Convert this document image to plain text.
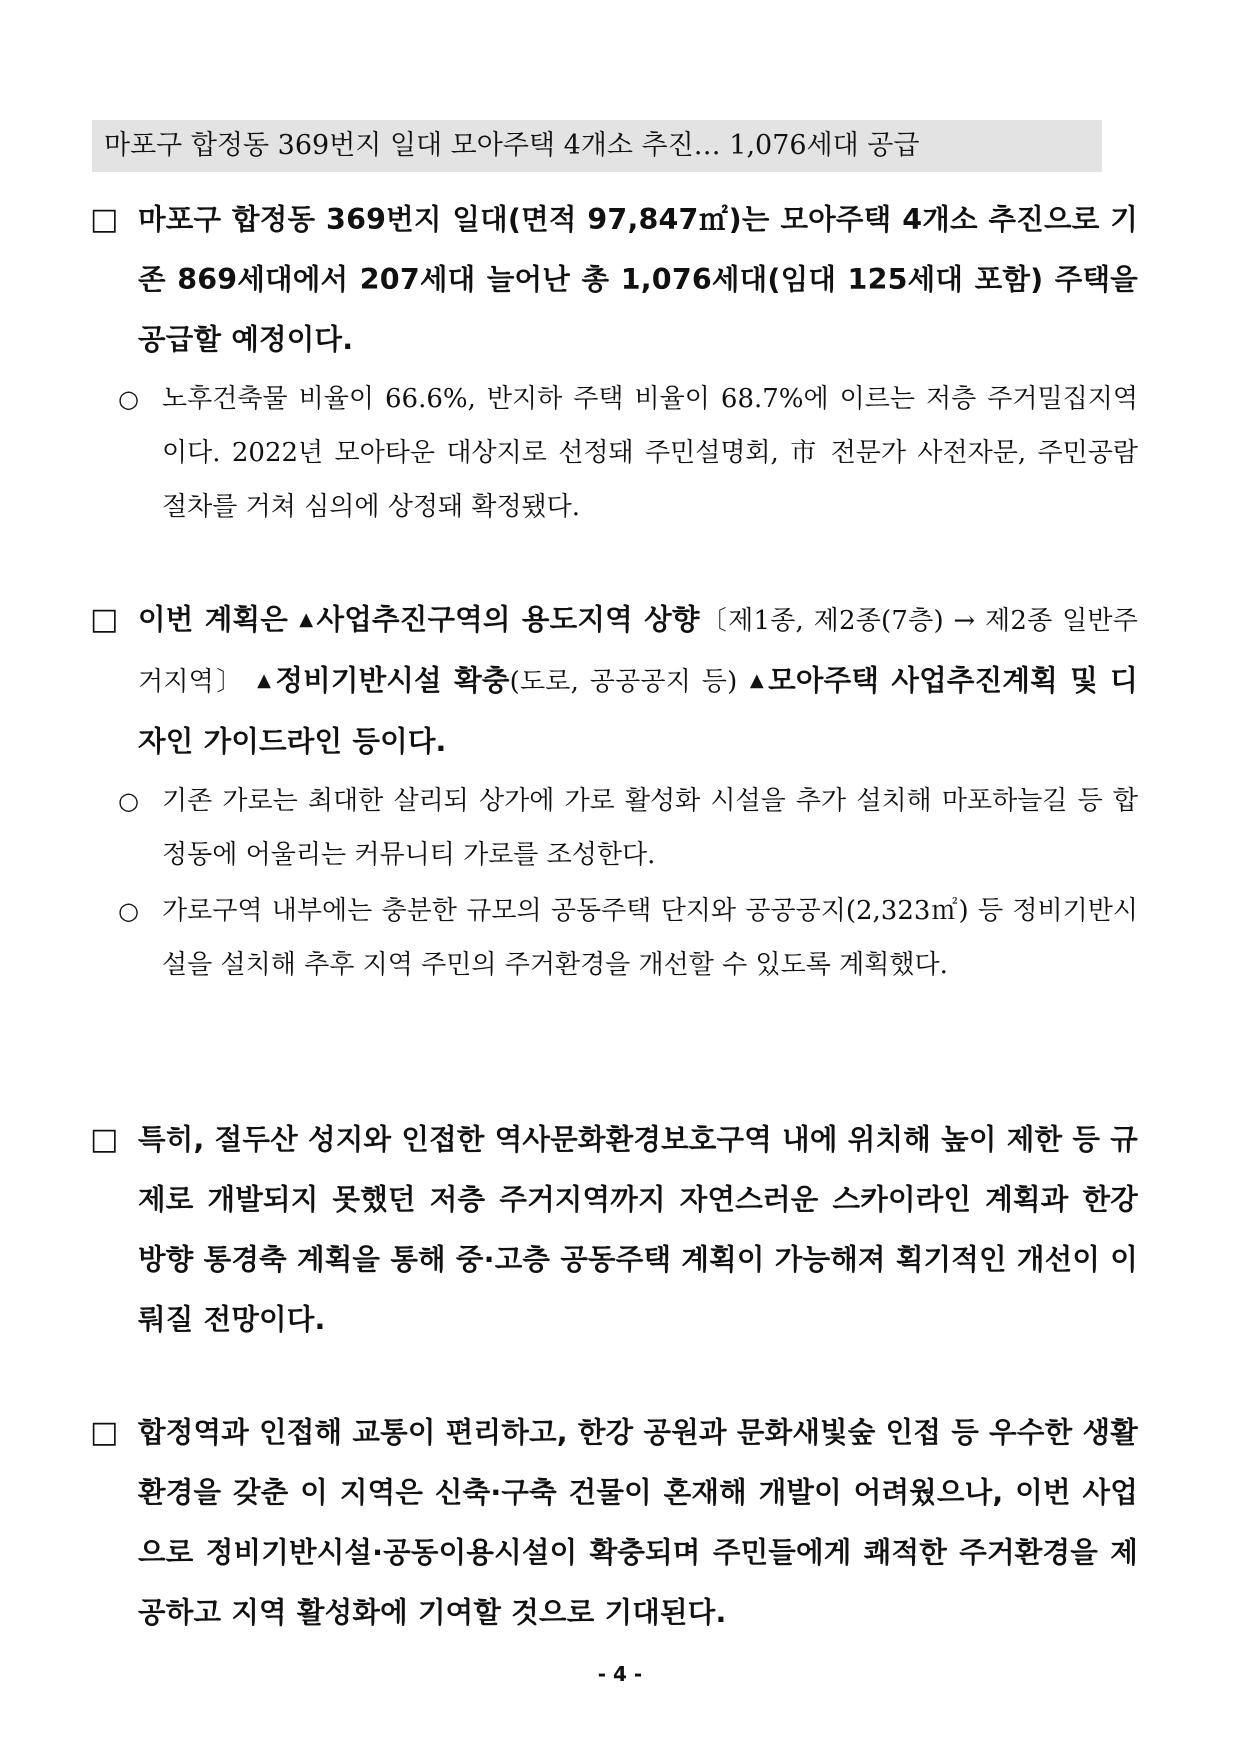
마포구 합정동 369번지 일대 모아주택 4개소 추진… 1,076세대 공급
□ 마포구 합정동 369번지 일대(면적 97,847㎡)는 모아주택 4개소 추진으로 기존 869세대에서 207세대 늘어난 총 1,076세대(임대 125세대 포함) 주택을 공급할 예정이다.
○ 노후건축물 비율이 66.6%, 반지하 주택 비율이 68.7%에 이르는 저층 주거밀집지역이다. 2022년 모아타운 대상지로 선정돼 주민설명회, 市 전문가 사전자문, 주민공람 절차를 거쳐 심의에 상정돼 확정됐다.
□ 이번 계획은 ▲사업추진구역의 용도지역 상향〔제1종, 제2종(7층) → 제2종 일반주거지역〕 ▲정비기반시설 확충(도로, 공공공지 등) ▲모아주택 사업추진계획 및 디자인 가이드라인 등이다.
○ 기존 가로는 최대한 살리되 상가에 가로 활성화 시설을 추가 설치해 마포하늘길 등 합정동에 어울리는 커뮤니티 가로를 조성한다.
○ 가로구역 내부에는 충분한 규모의 공동주택 단지와 공공공지(2,323㎡) 등 정비기반시설을 설치해 추후 지역 주민의 주거환경을 개선할 수 있도록 계획했다.
□ 특히, 절두산 성지와 인접한 역사문화환경보호구역 내에 위치해 높이 제한 등 규제로 개발되지 못했던 저층 주거지역까지 자연스러운 스카이라인 계획과 한강 방향 통경축 계획을 통해 중·고층 공동주택 계획이 가능해져 획기적인 개선이 이뤄질 전망이다.
□ 합정역과 인접해 교통이 편리하고, 한강 공원과 문화새빛숲 인접 등 우수한 생활환경을 갖춘 이 지역은 신축·구축 건물이 혼재해 개발이 어려웠으나, 이번 사업으로 정비기반시설·공동이용시설이 확충되며 주민들에게 쾌적한 주거환경을 제공하고 지역 활성화에 기여할 것으로 기대된다.
- 4 -
